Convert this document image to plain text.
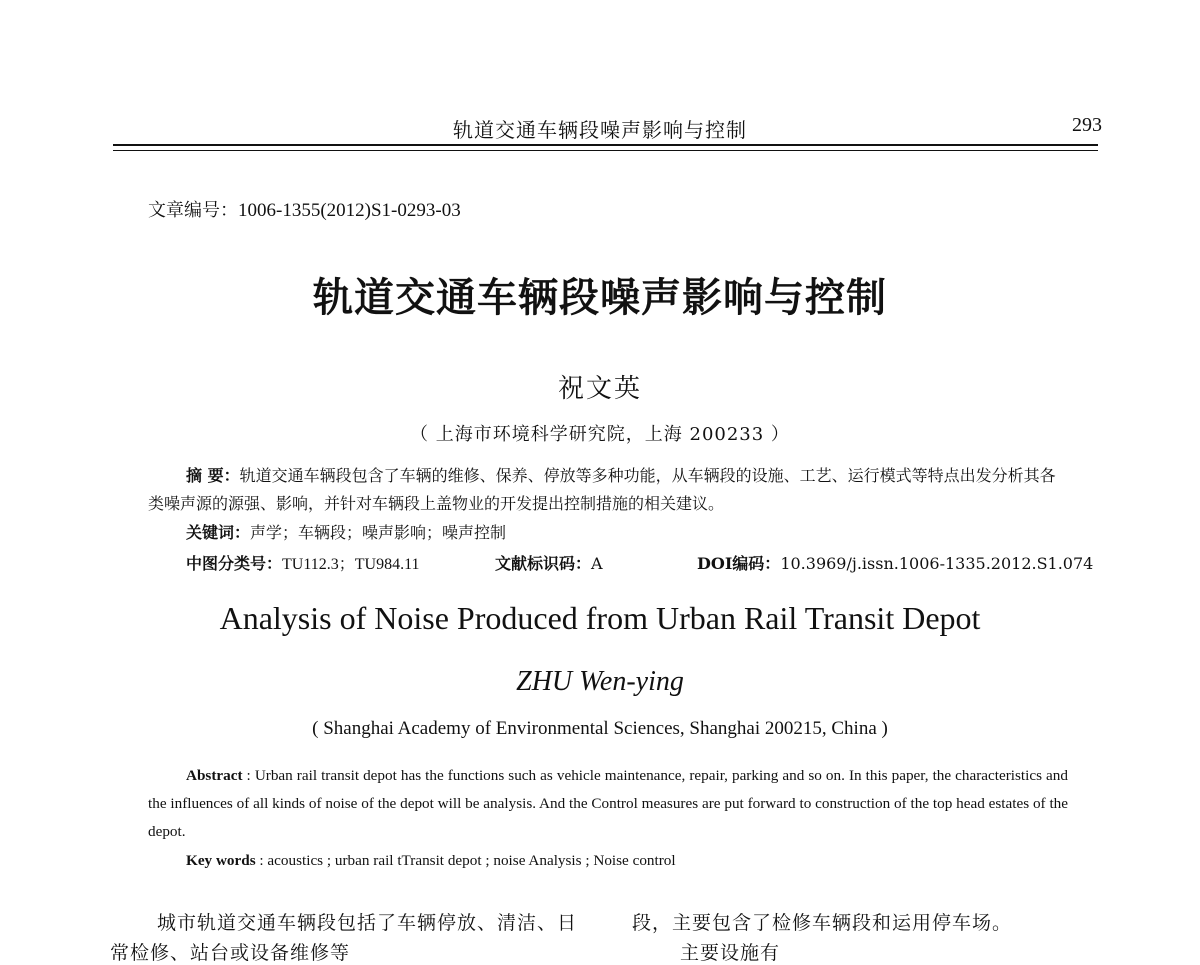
轨道交通车辆段噪声影响与控制	293
文章编号：1006-1355(2012)S1-0293-03
轨道交通车辆段噪声影响与控制
祝文英
（ 上海市环境科学研究院，上海 200233 ）

摘 要：轨道交通车辆段包含了车辆的维修、保养、停放等多种功能，从车辆段的设施、工艺、运行模式等特点出发分析其各类噪声源的源强、影响，并针对车辆段上盖物业的开发提出控制措施的相关建议。

关键词：声学；车辆段；噪声影响；噪声控制
中图分类号：TU112.3；TU984.11	文献标识码：A	DOI编码：10.3969/j.issn.1006-1335.2012.S1.074
Analysis of Noise Produced from Urban Rail Transit Depot
ZHU Wen-ying
( Shanghai Academy of Environmental Sciences, Shanghai 200215, China )

Abstract : Urban rail transit depot has the functions such as vehicle maintenance, repair, parking and so on. In this paper, the characteristics and the influences of all kinds of noise of the depot will be analysis. And the Control measures are put forward to construction of the top head estates of the depot.

Key words : acoustics ; urban rail tTransit depot ; noise Analysis ; Noise control
城市轨道交通车辆段包括了车辆停放、清洁、日	段，主要包含了检修车辆段和运用停车场。
常检修、站台或设备维修等	主要设施有
